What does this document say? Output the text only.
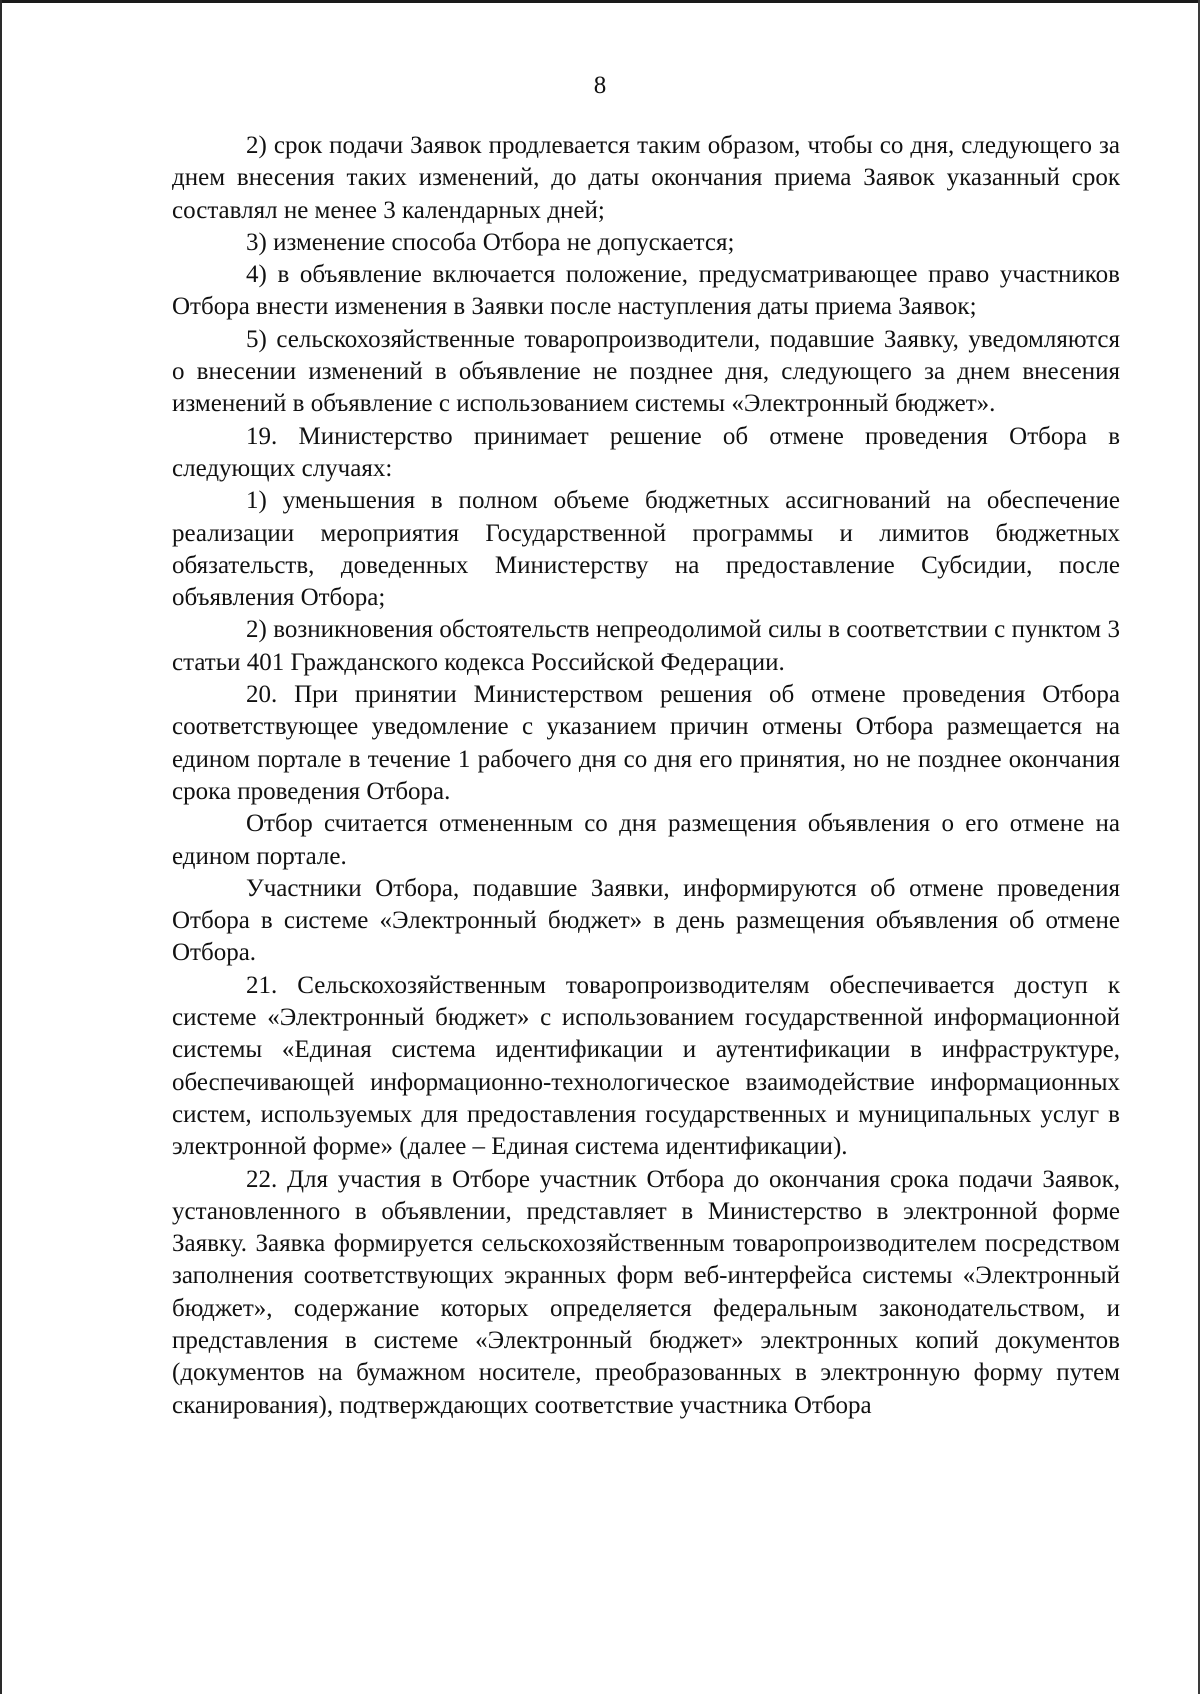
8

2) срок подачи Заявок продлевается таким образом, чтобы со дня, следующего за днем внесения таких изменений, до даты окончания приема Заявок указанный срок составлял не менее 3 календарных дней;

3) изменение способа Отбора не допускается;

4) в объявление включается положение, предусматривающее право участников Отбора внести изменения в Заявки после наступления даты приема Заявок;

5) сельскохозяйственные товаропроизводители, подавшие Заявку, уведомляются о внесении изменений в объявление не позднее дня, следующего за днем внесения изменений в объявление с использованием системы «Электронный бюджет».

19. Министерство принимает решение об отмене проведения Отбора в следующих случаях:

1) уменьшения в полном объеме бюджетных ассигнований на обеспечение реализации мероприятия Государственной программы и лимитов бюджетных обязательств, доведенных Министерству на предоставление Субсидии, после объявления Отбора;

2) возникновения обстоятельств непреодолимой силы в соответствии с пунктом 3 статьи 401 Гражданского кодекса Российской Федерации.

20. При принятии Министерством решения об отмене проведения Отбора соответствующее уведомление с указанием причин отмены Отбора размещается на едином портале в течение 1 рабочего дня со дня его принятия, но не позднее окончания срока проведения Отбора.

Отбор считается отмененным со дня размещения объявления о его отмене на едином портале.

Участники Отбора, подавшие Заявки, информируются об отмене проведения Отбора в системе «Электронный бюджет» в день размещения объявления об отмене Отбора.

21. Сельскохозяйственным товаропроизводителям обеспечивается доступ к системе «Электронный бюджет» с использованием государственной информационной системы «Единая система идентификации и аутентификации в инфраструктуре, обеспечивающей информационно-технологическое взаимодействие информационных систем, используемых для предоставления государственных и муниципальных услуг в электронной форме» (далее – Единая система идентификации).

22. Для участия в Отборе участник Отбора до окончания срока подачи Заявок, установленного в объявлении, представляет в Министерство в электронной форме Заявку. Заявка формируется сельскохозяйственным товаропроизводителем посредством заполнения соответствующих экранных форм веб-интерфейса системы «Электронный бюджет», содержание которых определяется федеральным законодательством, и представления в системе «Электронный бюджет» электронных копий документов (документов на бумажном носителе, преобразованных в электронную форму путем сканирования), подтверждающих соответствие участника Отбора
